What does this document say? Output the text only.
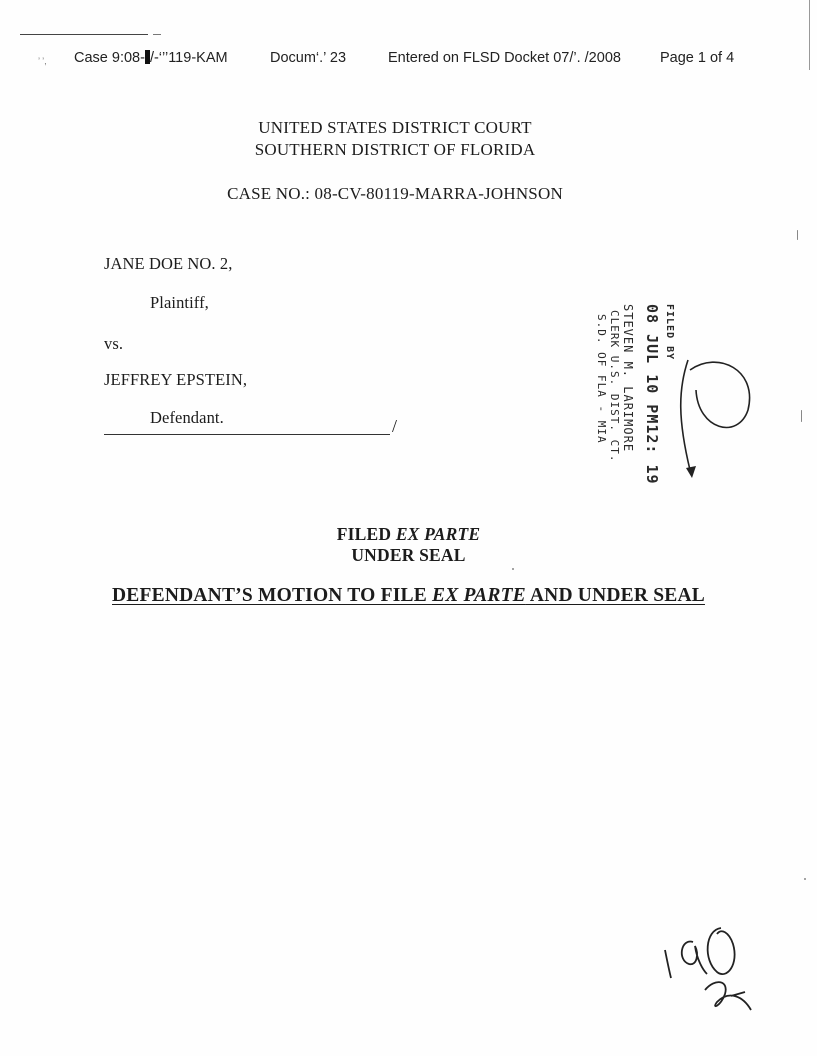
’ ’, Case 9:08- /-‘’’119-KAM	Docum‘.’ 23	Entered on FLSD Docket 07/’. /2008	Page 1 of 4
UNITED STATES DISTRICT COURT
SOUTHERN DISTRICT OF FLORIDA
CASE NO.: 08-CV-80119-MARRA-JOHNSON
JANE DOE NO. 2,
Plaintiff,
vs.
JEFFREY EPSTEIN,
Defendant.	/
FILED BY
08 JUL 10 PM12: 19
STEVEN M. LARIMORE
CLERK U.S. DIST. CT.
S.D. OF FLA - MIA
FILED EX PARTE
UNDER SEAL
DEFENDANT’S MOTION TO FILE EX PARTE AND UNDER SEAL
